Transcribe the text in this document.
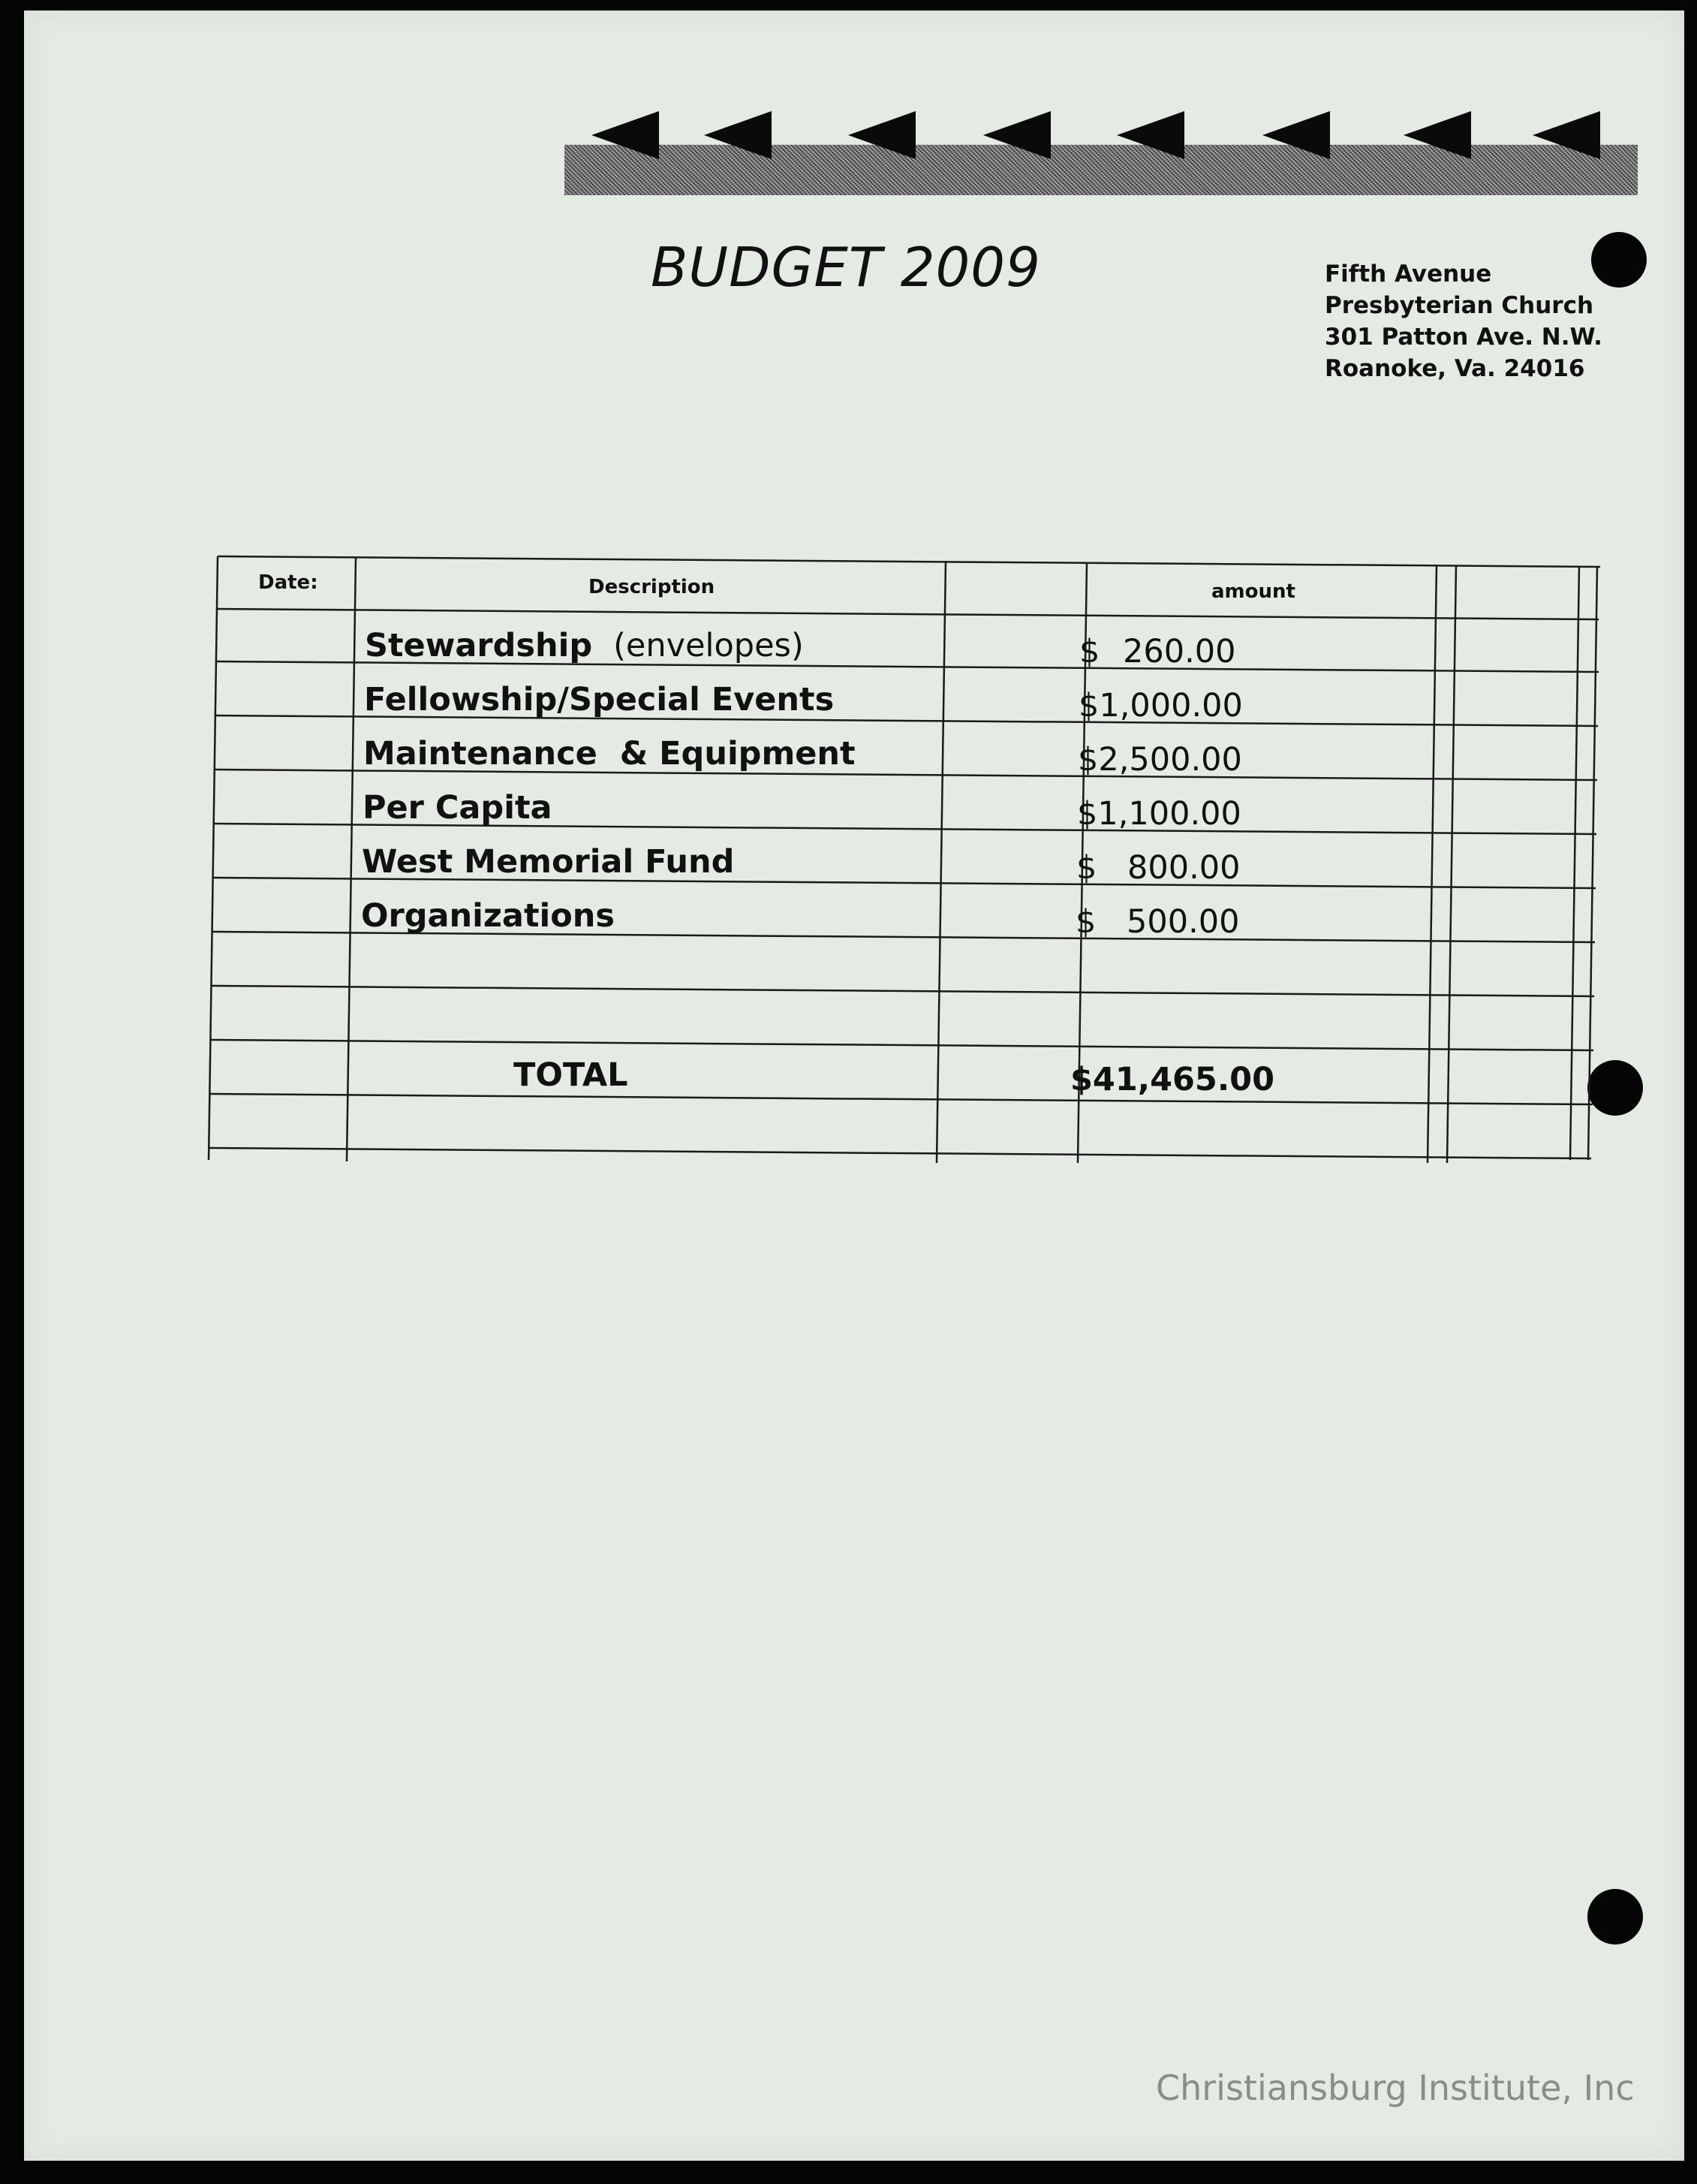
BUDGET 2009	Fifth Avenue
Presbyterian Church
301 Patton Ave. N.W.
Roanoke, Va. 24016
Date:	Description	amount
Stewardship (envelopes)	$ 260.00
Fellowship/Special Events	$1,000.00
Maintenance  & Equipment	$2,500.00
Per Capita	$1,100.00
West Memorial Fund	$ 800.00
Organizations	$ 500.00
TOTAL	$41,465.00
Christiansburg Institute, Inc
